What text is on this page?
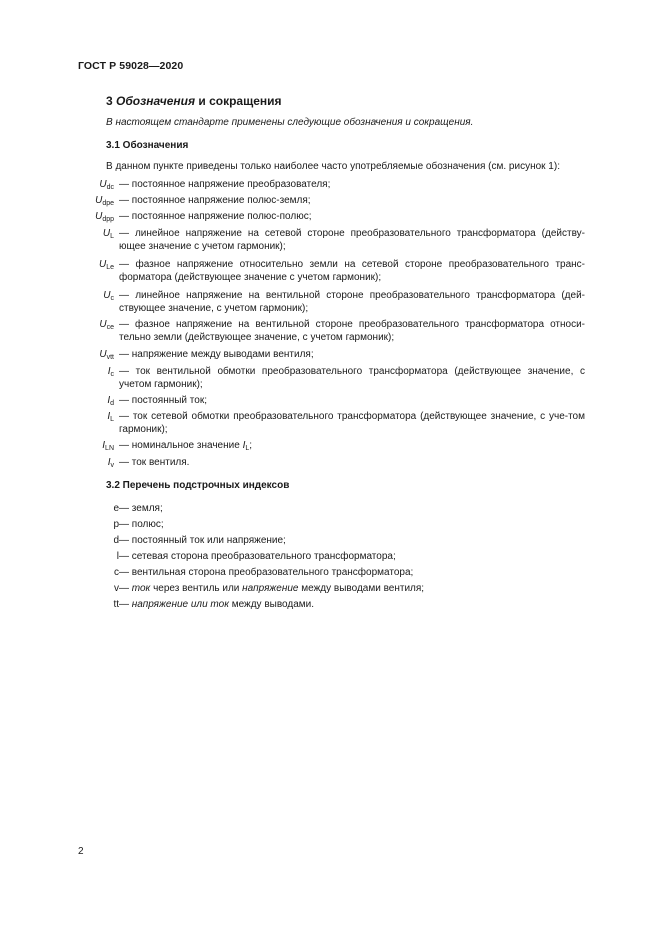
ГОСТ Р 59028—2020
3 Обозначения и сокращения
В настоящем стандарте применены следующие обозначения и сокращения.
3.1 Обозначения
В данном пункте приведены только наиболее часто употребляемые обозначения (см. рисунок 1):
$U_{dc}$ — постоянное напряжение преобразователя;
$U_{dpe}$ — постоянное напряжение полюс-земля;
$U_{dpp}$ — постоянное напряжение полюс-полюс;
$U_L$ — линейное напряжение на сетевой стороне преобразовательного трансформатора (действу-ющее значение с учетом гармоник);
$U_{Le}$ — фазное напряжение относительно земли на сетевой стороне преобразовательного транс-форматора (действующее значение с учетом гармоник);
$U_c$ — линейное напряжение на вентильной стороне преобразовательного трансформатора (дей-ствующее значение, с учетом гармоник);
$U_{ce}$ — фазное напряжение на вентильной стороне преобразовательного трансформатора относи-тельно земли (действующее значение, с учетом гармоник);
$U_{vtt}$ — напряжение между выводами вентиля;
$I_c$ — ток вентильной обмотки преобразовательного трансформатора (действующее значение, с учетом гармоник);
$I_d$ — постоянный ток;
$I_L$ — ток сетевой обмотки преобразовательного трансформатора (действующее значение, с уче-том гармоник);
$I_{LN}$ — номинальное значение $I_L$;
$I_v$ — ток вентиля.
3.2 Перечень подстрочных индексов
e — земля;
p — полюс;
d — постоянный ток или напряжение;
l — сетевая сторона преобразовательного трансформатора;
c — вентильная сторона преобразовательного трансформатора;
v — ток через вентиль или напряжение между выводами вентиля;
tt — напряжение или ток между выводами.
2
